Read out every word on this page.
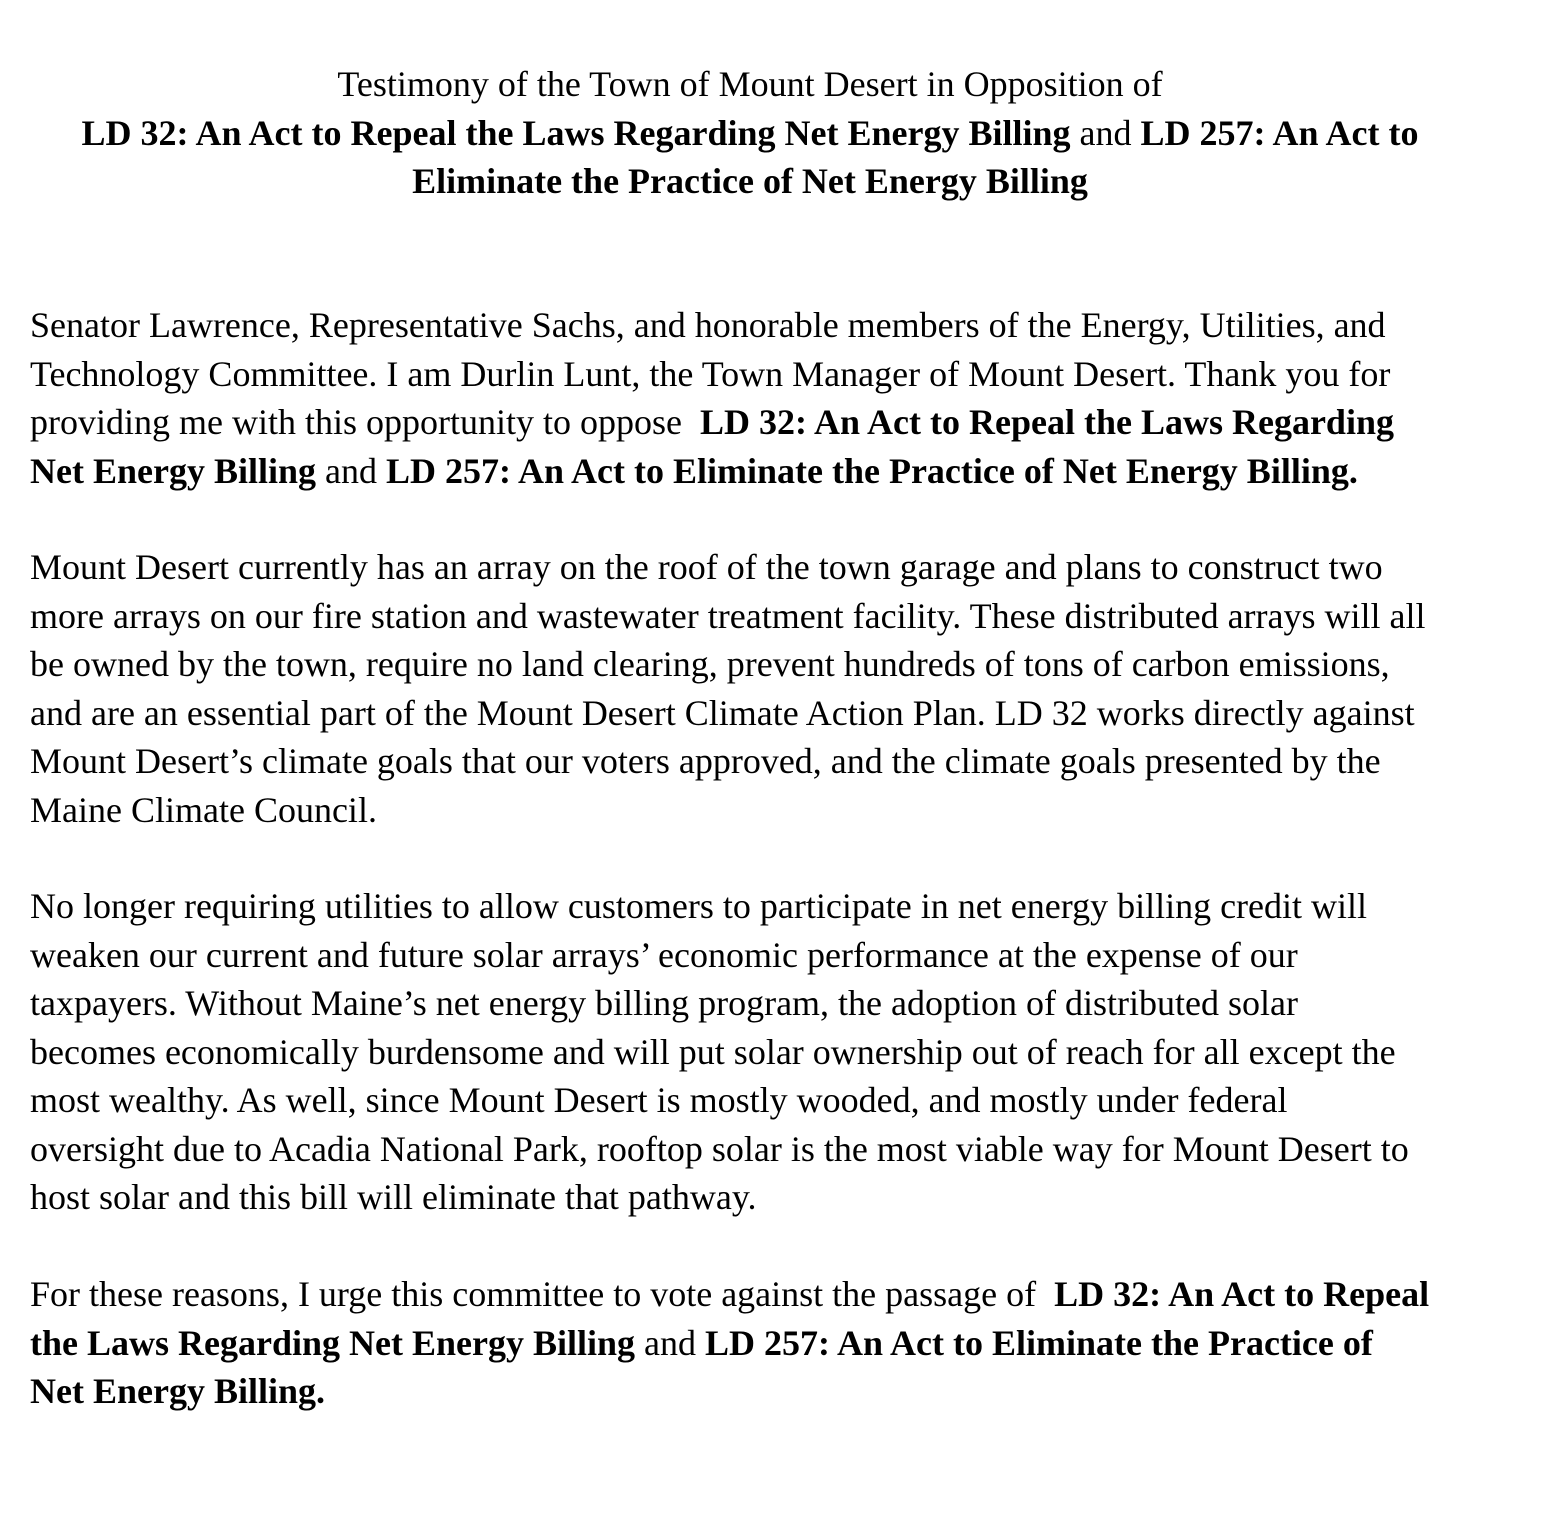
Testimony of the Town of Mount Desert in Opposition of
LD 32: An Act to Repeal the Laws Regarding Net Energy Billing and LD 257: An Act to Eliminate the Practice of Net Energy Billing

Senator Lawrence, Representative Sachs, and honorable members of the Energy, Utilities, and
Technology Committee. I am Durlin Lunt, the Town Manager of Mount Desert. Thank you for
providing me with this opportunity to oppose  LD 32: An Act to Repeal the Laws Regarding
Net Energy Billing and LD 257: An Act to Eliminate the Practice of Net Energy Billing.

Mount Desert currently has an array on the roof of the town garage and plans to construct two
more arrays on our fire station and wastewater treatment facility. These distributed arrays will all
be owned by the town, require no land clearing, prevent hundreds of tons of carbon emissions,
and are an essential part of the Mount Desert Climate Action Plan. LD 32 works directly against
Mount Desert’s climate goals that our voters approved, and the climate goals presented by the
Maine Climate Council.

No longer requiring utilities to allow customers to participate in net energy billing credit will
weaken our current and future solar arrays’ economic performance at the expense of our
taxpayers. Without Maine’s net energy billing program, the adoption of distributed solar
becomes economically burdensome and will put solar ownership out of reach for all except the
most wealthy. As well, since Mount Desert is mostly wooded, and mostly under federal
oversight due to Acadia National Park, rooftop solar is the most viable way for Mount Desert to
host solar and this bill will eliminate that pathway.

For these reasons, I urge this committee to vote against the passage of  LD 32: An Act to Repeal
the Laws Regarding Net Energy Billing and LD 257: An Act to Eliminate the Practice of
Net Energy Billing.
